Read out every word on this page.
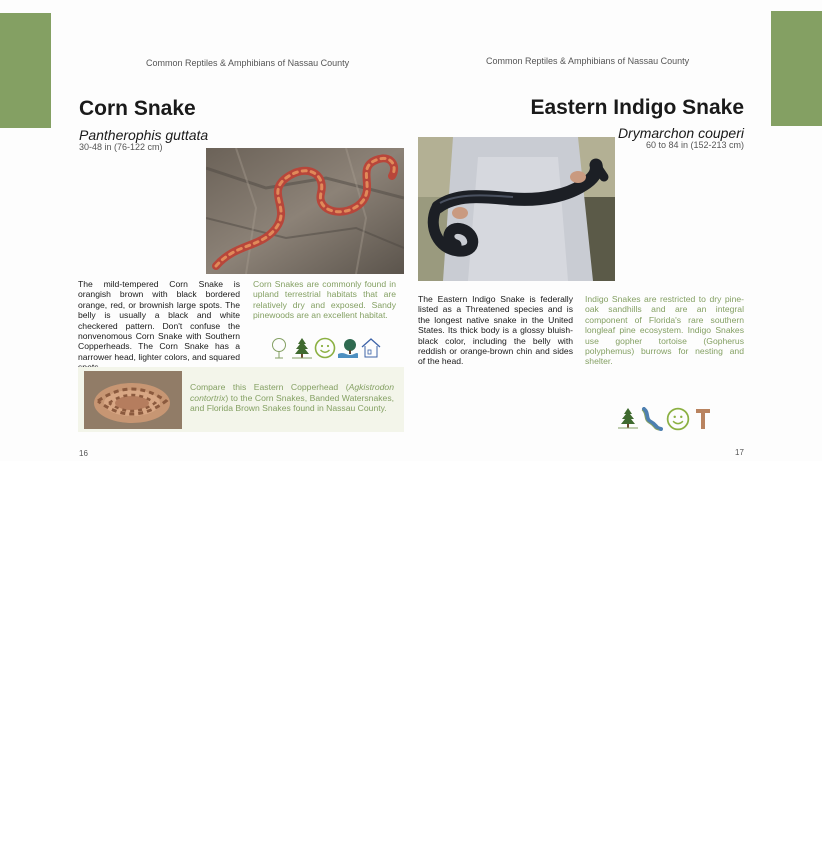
Common Reptiles & Amphibians of Nassau County
Corn Snake
Pantherophis guttata
30-48 in (76-122 cm)
The mild-tempered Corn Snake is orangish brown with black bordered orange, red, or brownish large spots. The belly is usually a black and white checkered pattern. Don't confuse the nonvenomous Corn Snake with Southern Copperheads. The Corn Snake has a narrower head, lighter colors, and squared
Corn Snakes are commonly found in upland terrestrial habitats that are relatively dry and exposed. Sandy pinewoods are an excellent habitat.
Compare this Eastern Copperhead (Agkistrodon contortrix) to the Corn Snakes, Banded Watersnakes, and Florida Brown Snakes found in Nassau County.
16
Common Reptiles & Amphibians of Nassau County
Eastern Indigo Snake
Drymarchon couperi
60 to 84 in (152-213 cm)
The Eastern Indigo Snake is federally listed as a Threatened species and is the longest native snake in the United States. Its thick body is a glossy bluish-black color, including the belly with reddish or orange-brown chin and sides of the head.
Indigo Snakes are restricted to dry pine-oak sandhills and are an integral component of Florida's rare southern longleaf pine ecosystem. Indigo Snakes use gopher tortoise (Gopherus polyphemus) burrows for nesting and shelter.
17
